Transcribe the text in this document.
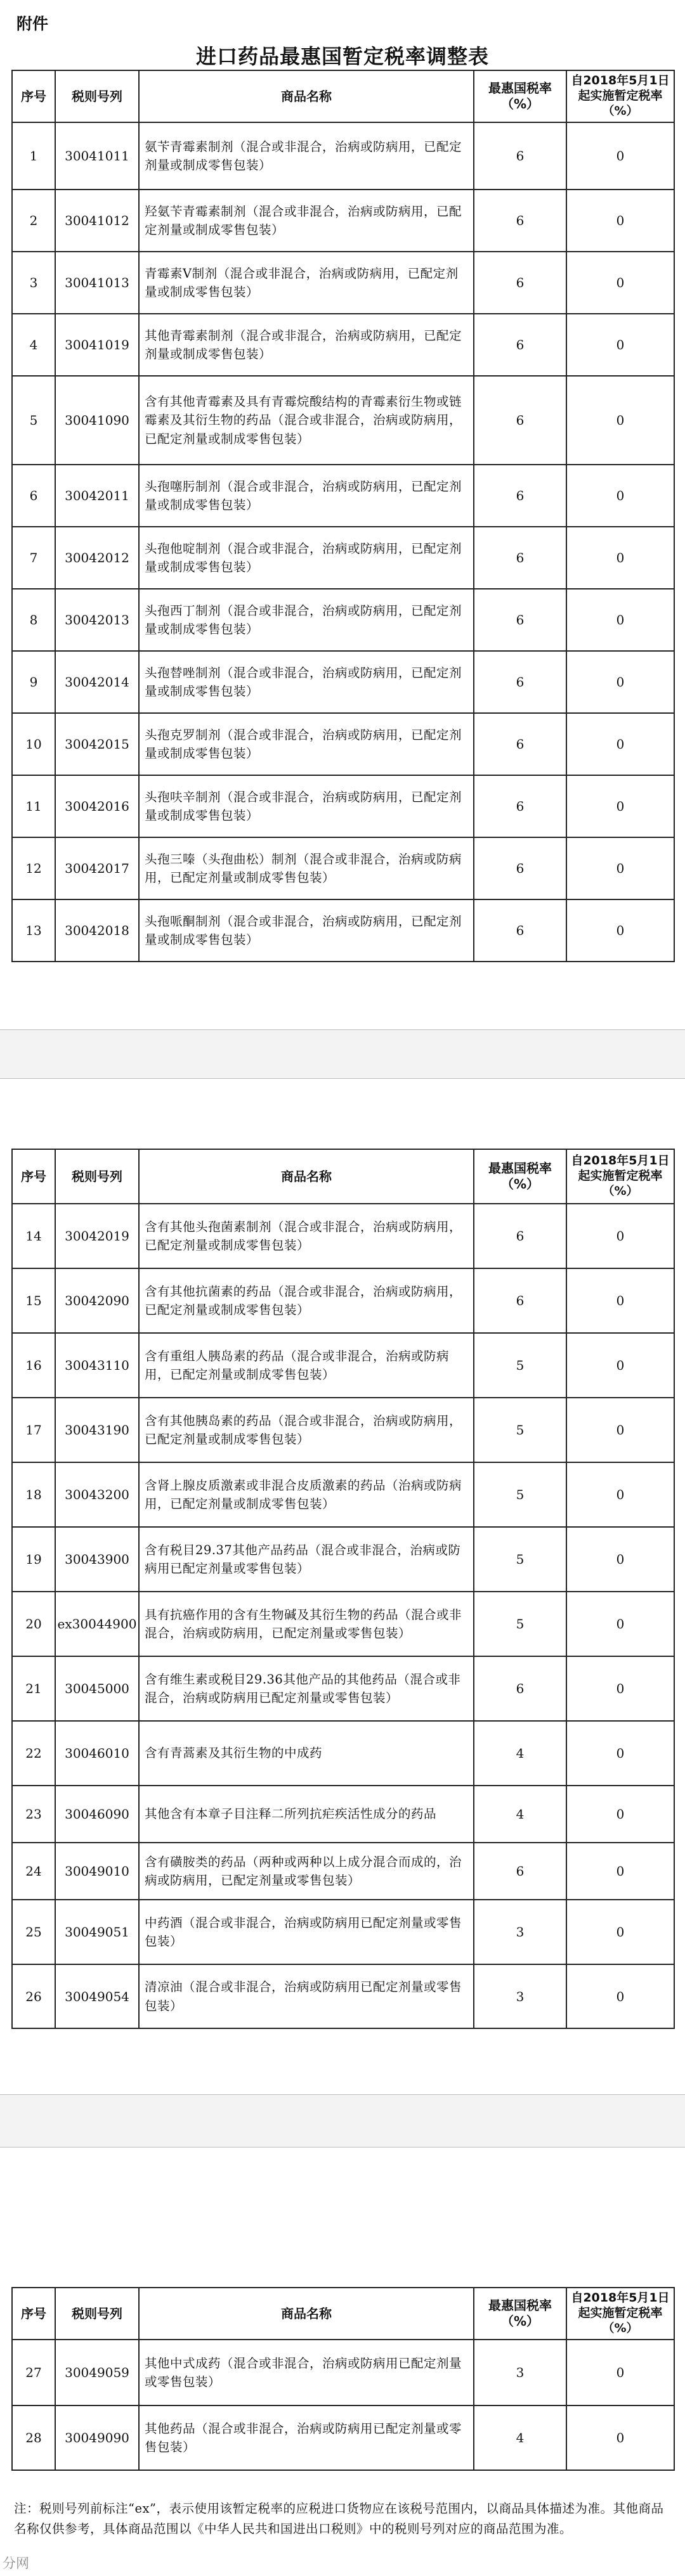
附件
进口药品最惠国暂定税率调整表
序号	税则号列	商品名称	最惠国税率（%）	自2018年5月1日起实施暂定税率（%）
1	30041011	氨苄青霉素制剂（混合或非混合，治病或防病用，已配定剂量或制成零售包装）	6	0
2	30041012	羟氨苄青霉素制剂（混合或非混合，治病或防病用，已配定剂量或制成零售包装）	6	0
3	30041013	青霉素V制剂（混合或非混合，治病或防病用，已配定剂量或制成零售包装）	6	0
4	30041019	其他青霉素制剂（混合或非混合，治病或防病用，已配定剂量或制成零售包装）	6	0
5	30041090	含有其他青霉素及具有青霉烷酸结构的青霉素衍生物或链霉素及其衍生物的药品（混合或非混合，治病或防病用，已配定剂量或制成零售包装）	6	0
6	30042011	头孢噻肟制剂（混合或非混合，治病或防病用，已配定剂量或制成零售包装）	6	0
7	30042012	头孢他啶制剂（混合或非混合，治病或防病用，已配定剂量或制成零售包装）	6	0
8	30042013	头孢西丁制剂（混合或非混合，治病或防病用，已配定剂量或制成零售包装）	6	0
9	30042014	头孢替唑制剂（混合或非混合，治病或防病用，已配定剂量或制成零售包装）	6	0
10	30042015	头孢克罗制剂（混合或非混合，治病或防病用，已配定剂量或制成零售包装）	6	0
11	30042016	头孢呋辛制剂（混合或非混合，治病或防病用，已配定剂量或制成零售包装）	6	0
12	30042017	头孢三嗪（头孢曲松）制剂（混合或非混合，治病或防病用，已配定剂量或制成零售包装）	6	0
13	30042018	头孢哌酮制剂（混合或非混合，治病或防病用，已配定剂量或制成零售包装）	6	0
序号	税则号列	商品名称	最惠国税率（%）	自2018年5月1日起实施暂定税率（%）
14	30042019	含有其他头孢菌素制剂（混合或非混合，治病或防病用，已配定剂量或制成零售包装）	6	0
15	30042090	含有其他抗菌素的药品（混合或非混合，治病或防病用，已配定剂量或制成零售包装）	6	0
16	30043110	含有重组人胰岛素的药品（混合或非混合，治病或防病用，已配定剂量或制成零售包装）	5	0
17	30043190	含有其他胰岛素的药品（混合或非混合，治病或防病用，已配定剂量或制成零售包装）	5	0
18	30043200	含肾上腺皮质激素或非混合皮质激素的药品（治病或防病用，已配定剂量或制成零售包装）	5	0
19	30043900	含有税目29.37其他产品药品（混合或非混合，治病或防病用已配定剂量或零售包装）	5	0
20	ex30044900	具有抗癌作用的含有生物碱及其衍生物的药品（混合或非混合，治病或防病用，已配定剂量或零售包装）	5	0
21	30045000	含有维生素或税目29.36其他产品的其他药品（混合或非混合，治病或防病用已配定剂量或零售包装）	6	0
22	30046010	含有青蒿素及其衍生物的中成药	4	0
23	30046090	其他含有本章子目注释二所列抗疟疾活性成分的药品	4	0
24	30049010	含有磺胺类的药品（两种或两种以上成分混合而成的，治病或防病用，已配定剂量或零售包装）	6	0
25	30049051	中药酒（混合或非混合，治病或防病用已配定剂量或零售包装）	3	0
26	30049054	清凉油（混合或非混合，治病或防病用已配定剂量或零售包装）	3	0
序号	税则号列	商品名称	最惠国税率（%）	自2018年5月1日起实施暂定税率（%）
27	30049059	其他中式成药（混合或非混合，治病或防病用已配定剂量或零售包装）	3	0
28	30049090	其他药品（混合或非混合，治病或防病用已配定剂量或零售包装）	4	0
注：税则号列前标注“ex”，表示使用该暂定税率的应税进口货物应在该税号范围内，以商品具体描述为准。其他商品名称仅供参考，具体商品范围以《中华人民共和国进出口税则》中的税则号列对应的商品范围为准。
分网
